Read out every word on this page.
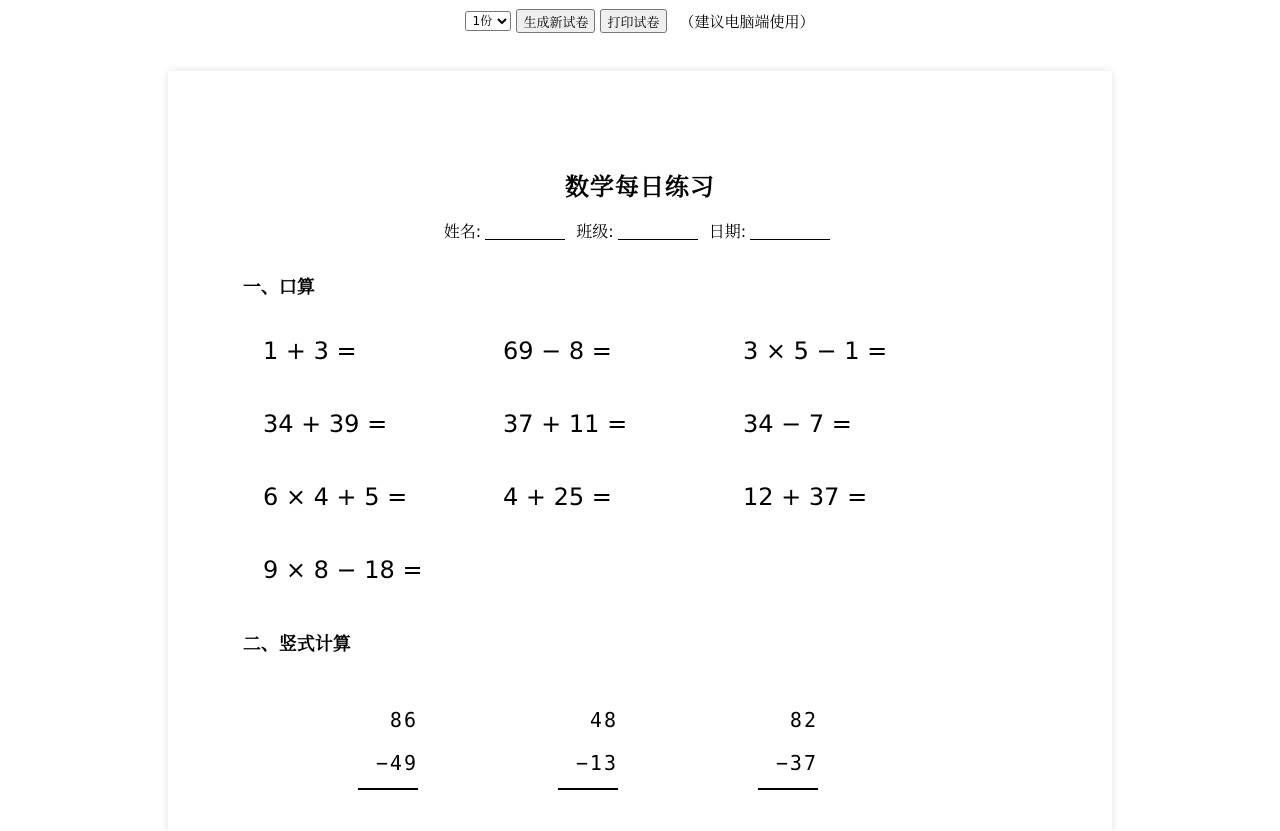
1份
生成新试卷	打印试卷	（建议电脑端使用）
数学每日练习
姓名:	班级:	日期:
一、口算
1 + 3 =	69 − 8 =	3 × 5 − 1 =
34 + 39 =	37 + 11 =	34 − 7 =
6 × 4 + 5 =	4 + 25 =	12 + 37 =
9 × 8 − 18 =
二、竖式计算
86
−49
48
−13
82
−37
